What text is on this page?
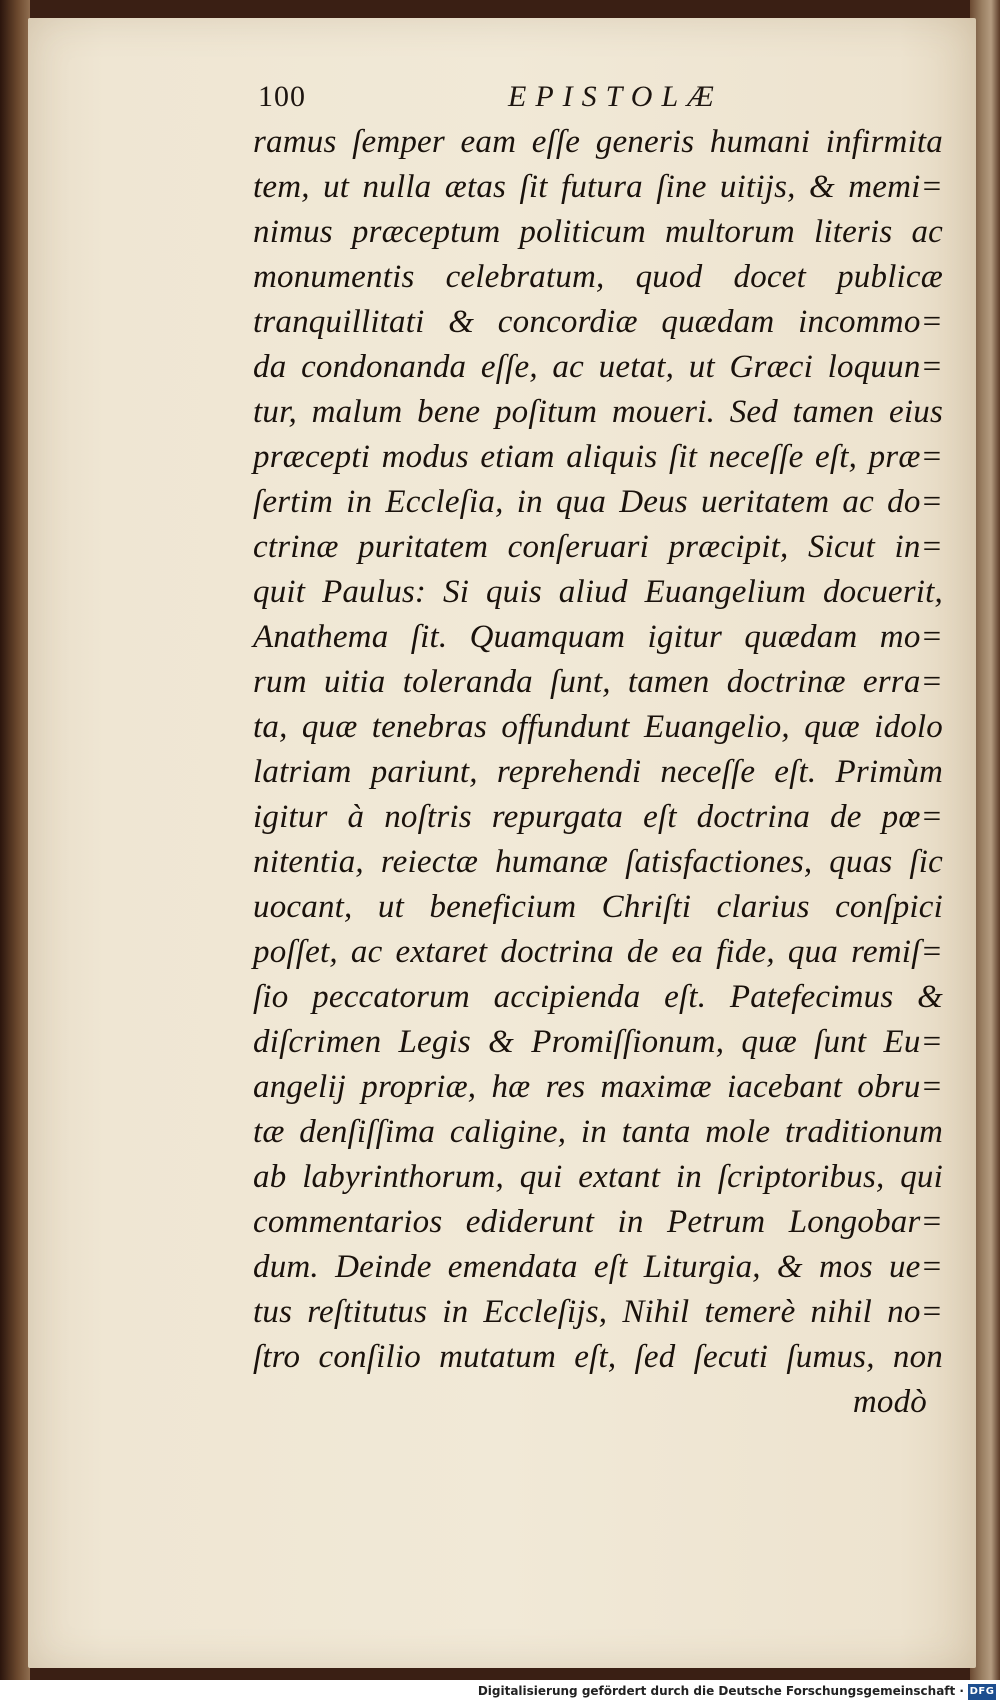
100	EPISTOLÆ
ramus ſemper eam eſſe generis humani infirmita
tem, ut nulla ætas ſit futura ſine uitijs, & memi=
nimus præceptum politicum multorum literis ac
monumentis celebratum, quod docet publicæ
tranquillitati & concordiæ quædam incommo=
da condonanda eſſe, ac uetat, ut Græci loquun=
tur, malum bene poſitum moueri. Sed tamen eius
præcepti modus etiam aliquis ſit neceſſe eſt, præ=
ſertim in Eccleſia, in qua Deus ueritatem ac do=
ctrinæ puritatem conſeruari præcipit, Sicut in=
quit Paulus: Si quis aliud Euangelium docuerit,
Anathema ſit. Quamquam igitur quædam mo=
rum uitia toleranda ſunt, tamen doctrinæ erra=
ta, quæ tenebras offundunt Euangelio, quæ idolo
latriam pariunt, reprehendi neceſſe eſt. Primùm
igitur à noſtris repurgata eſt doctrina de pœ=
nitentia, reiectæ humanæ ſatisfactiones, quas ſic
uocant, ut beneficium Chriſti clarius conſpici
poſſet, ac extaret doctrina de ea fide, qua remiſ=
ſio peccatorum accipienda eſt. Patefecimus &
diſcrimen Legis & Promiſſionum, quæ ſunt Eu=
angelij propriæ, hæ res maximæ iacebant obru=
tæ denſiſſima caligine, in tanta mole traditionum
ab labyrinthorum, qui extant in ſcriptoribus, qui
commentarios ediderunt in Petrum Longobar=
dum. Deinde emendata eſt Liturgia, & mos ue=
tus reſtitutus in Eccleſijs, Nihil temerè nihil no=
ſtro conſilio mutatum eſt, ſed ſecuti ſumus, non
modò
Digitalisierung gefördert durch die Deutsche Forschungsgemeinschaft · DFG
